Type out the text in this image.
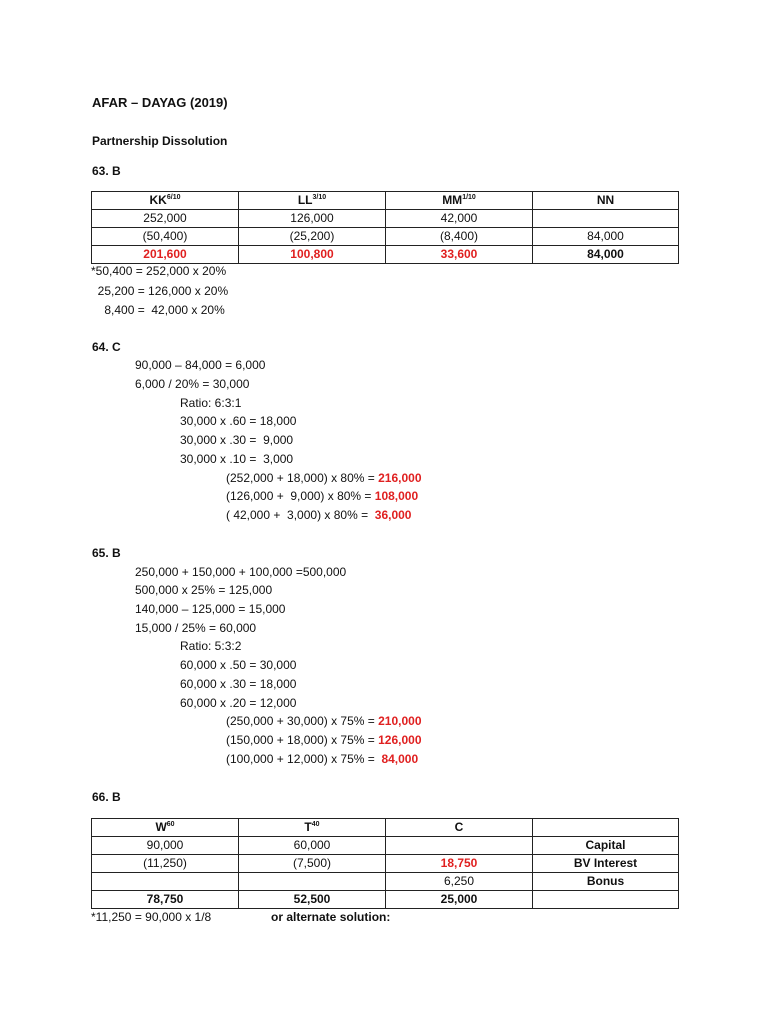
AFAR – DAYAG (2019)
Partnership Dissolution
63. B
$KK^{6/10}$	$LL^{3/10}$	$MM^{1/10}$	NN
252,000	126,000	42,000	
(50,400)	(25,200)	(8,400)	84,000
201,600	100,800	33,600	84,000
*50,400 = 252,000 x 20%
25,200 = 126,000 x 20%
8,400 =  42,000 x 20%
64. C
90,000 – 84,000 = 6,000
6,000 / 20% = 30,000
Ratio: 6:3:1
30,000 x .60 = 18,000
30,000 x .30 =  9,000
30,000 x .10 =  3,000
(252,000 + 18,000) x 80% = 216,000
(126,000 +  9,000) x 80% = 108,000
( 42,000 +  3,000) x 80% =  36,000
65. B
250,000 + 150,000 + 100,000 =500,000
500,000 x 25% = 125,000
140,000 – 125,000 = 15,000
15,000 / 25% = 60,000
Ratio: 5:3:2
60,000 x .50 = 30,000
60,000 x .30 = 18,000
60,000 x .20 = 12,000
(250,000 + 30,000) x 75% = 210,000
(150,000 + 18,000) x 75% = 126,000
(100,000 + 12,000) x 75% =  84,000
66. B
$W^{60}$	$T^{40}$	C	
90,000	60,000		Capital
(11,250)	(7,500)	18,750	BV Interest
		6,250	Bonus
78,750	52,500	25,000	
*11,250 = 90,000 x 1/8	or alternate solution:
